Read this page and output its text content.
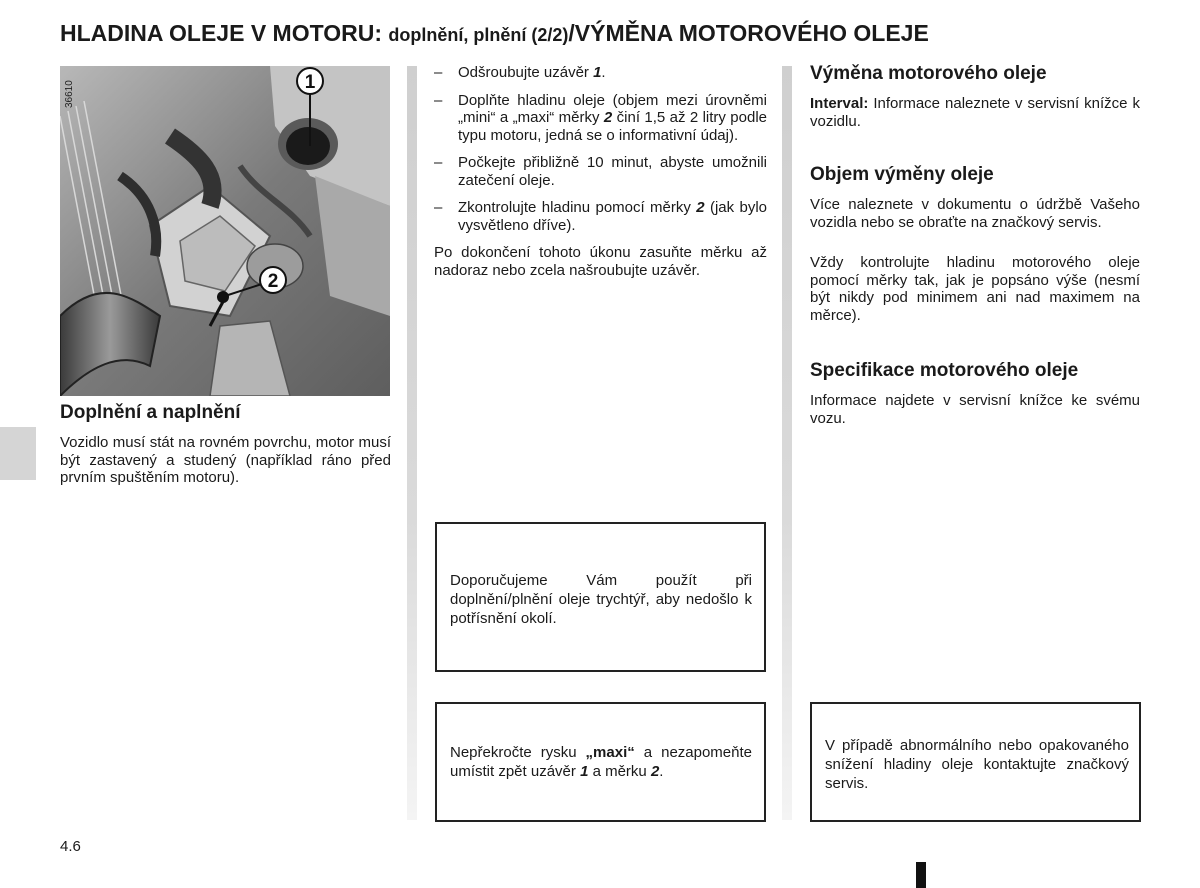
HLADINA OLEJE V MOTORU: doplnění, plnění (2/2)/VÝMĚNA MOTOROVÉHO OLEJE
1
2
36610
Doplnění a naplnění

Vozidlo musí stát na rovném povrchu, motor musí být zastavený a studený (například ráno před prvním spuštěním motoru).

–	Odšroubujte uzávěr 1.
–	Doplňte hladinu oleje (objem mezi úrovněmi „mini“ a „maxi“ měrky 2 činí 1,5 až 2 litry podle typu motoru, jedná se o informativní údaj).
–	Počkejte přibližně 10 minut, abyste umožnili zatečení oleje.
–	Zkontrolujte hladinu pomocí měrky 2 (jak bylo vysvětleno dříve).

Po dokončení tohoto úkonu zasuňte měrku až nadoraz nebo zcela našroubujte uzávěr.

Doporučujeme Vám použít při doplnění/plnění oleje trychtýř, aby nedošlo k potřísnění okolí.

Nepřekročte rysku „maxi“ a nezapomeňte umístit zpět uzávěr 1 a měrku 2.

Výměna motorového oleje

Interval: Informace naleznete v servisní knížce k vozidlu.

Objem výměny oleje

Více naleznete v dokumentu o údržbě Vašeho vozidla nebo se obraťte na značkový servis.

Vždy kontrolujte hladinu motorového oleje pomocí měrky tak, jak je popsáno výše (nesmí být nikdy pod minimem ani nad maximem na měrce).

Specifikace motorového oleje

Informace najdete v servisní knížce ke svému vozu.

V případě abnormálního nebo opakovaného snížení hladiny oleje kontaktujte značkový servis.

4.6
